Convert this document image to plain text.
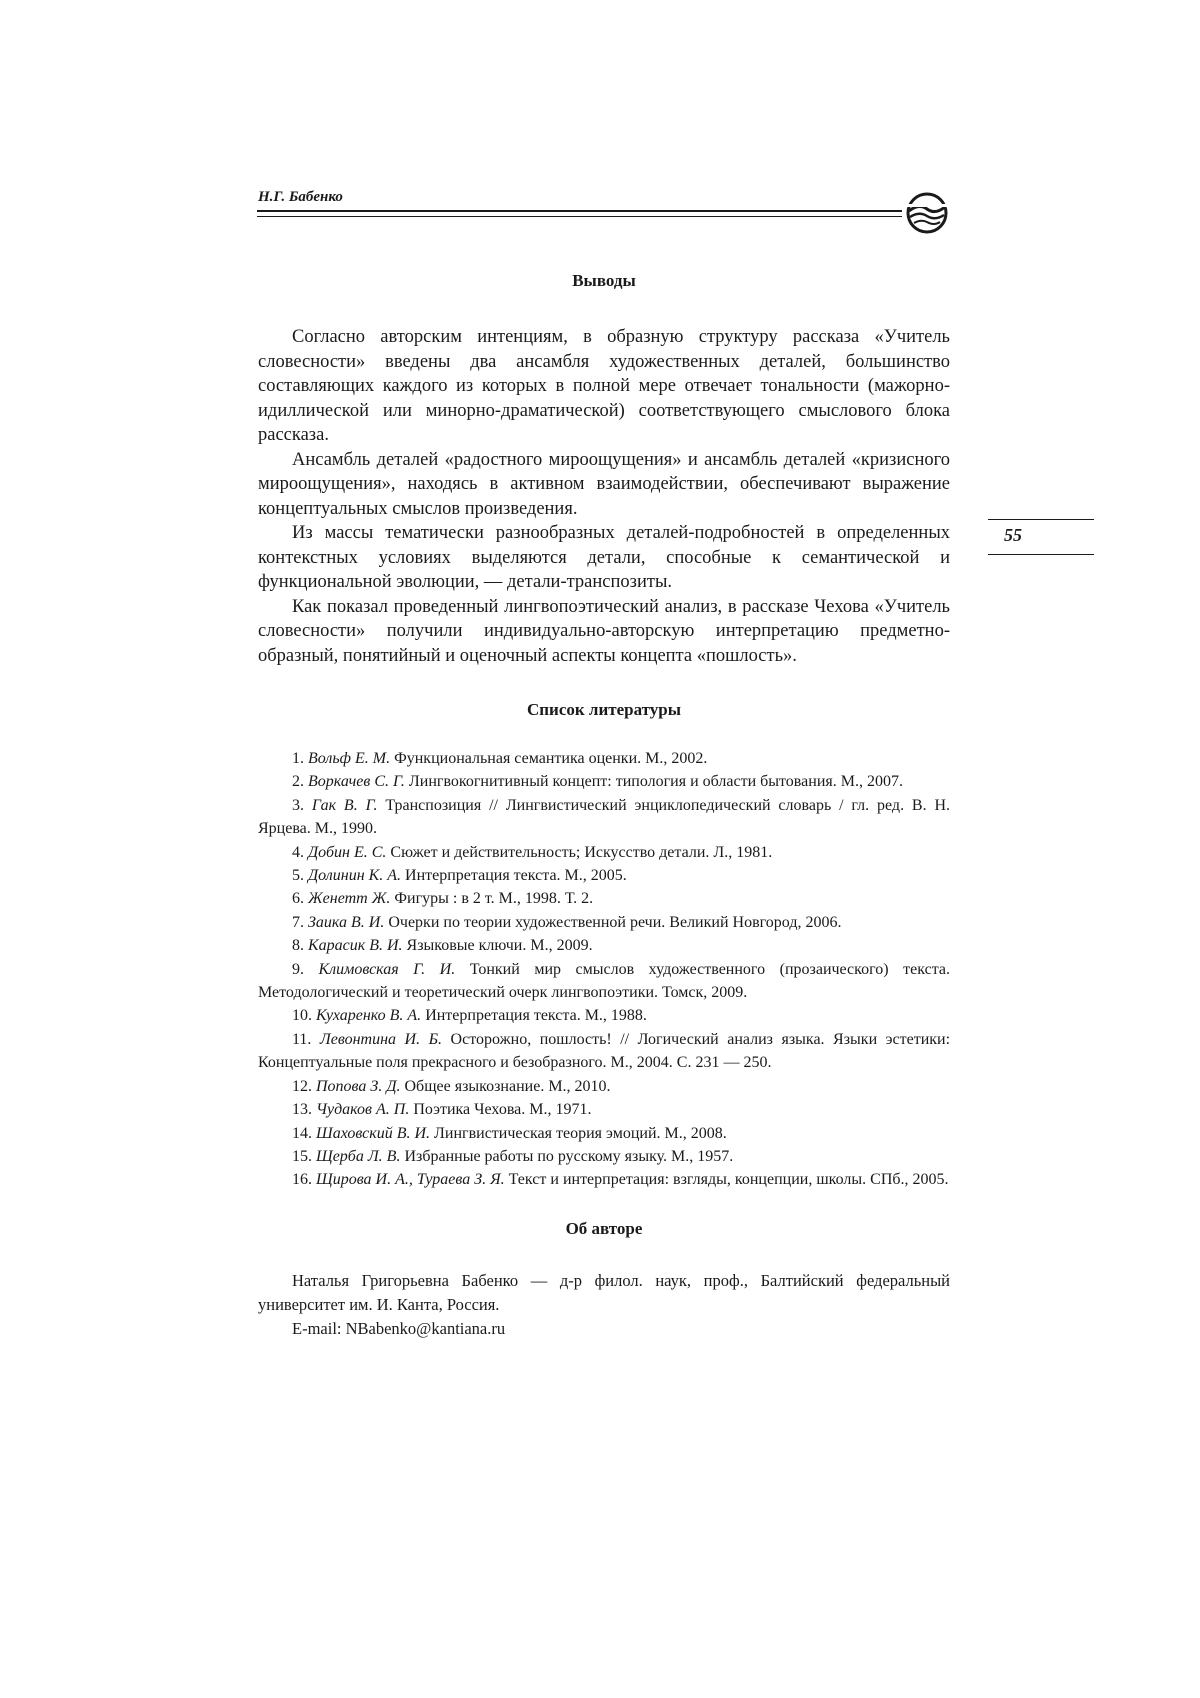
Н.Г. Бабенко
55
Выводы

Согласно авторским интенциям, в образную структуру рассказа «Учитель словесности» введены два ансамбля художественных деталей, большинство составляющих каждого из которых в полной мере отвечает тональности (мажорно-идиллической или минорно-драматической) соответствующего смыслового блока рассказа.

Ансамбль деталей «радостного мироощущения» и ансамбль деталей «кризисного мироощущения», находясь в активном взаимодействии, обеспечивают выражение концептуальных смыслов произведения.

Из массы тематически разнообразных деталей-подробностей в определенных контекстных условиях выделяются детали, способные к семантической и функциональной эволюции, — детали-транспозиты.

Как показал проведенный лингвопоэтический анализ, в рассказе Чехова «Учитель словесности» получили индивидуально-авторскую интерпретацию предметно-образный, понятийный и оценочный аспекты концепта «пошлость».

Список литературы

1. Вольф Е. М. Функциональная семантика оценки. М., 2002.

2. Воркачев С. Г. Лингвокогнитивный концепт: типология и области бытования. М., 2007.

3. Гак В. Г. Транспозиция // Лингвистический энциклопедический словарь / гл. ред. В. Н. Ярцева. М., 1990.

4. Добин Е. С. Сюжет и действительность; Искусство детали. Л., 1981.

5. Долинин К. А. Интерпретация текста. М., 2005.

6. Женетт Ж. Фигуры : в 2 т. М., 1998. Т. 2.

7. Заика В. И. Очерки по теории художественной речи. Великий Новгород, 2006.

8. Карасик В. И. Языковые ключи. М., 2009.

9. Климовская Г. И. Тонкий мир смыслов художественного (прозаического) текста. Методологический и теоретический очерк лингвопоэтики. Томск, 2009.

10. Кухаренко В. А. Интерпретация текста. М., 1988.

11. Левонтина И. Б. Осторожно, пошлость! // Логический анализ языка. Языки эстетики: Концептуальные поля прекрасного и безобразного. М., 2004. С. 231 — 250.

12. Попова З. Д. Общее языкознание. М., 2010.

13. Чудаков А. П. Поэтика Чехова. М., 1971.

14. Шаховский В. И. Лингвистическая теория эмоций. М., 2008.

15. Щерба Л. В. Избранные работы по русскому языку. М., 1957.

16. Щирова И. А., Тураева З. Я. Текст и интерпретация: взгляды, концепции, школы. СПб., 2005.

Об авторе

Наталья Григорьевна Бабенко — д-р филол. наук, проф., Балтийский федеральный университет им. И. Канта, Россия.

E-mail: NBabenko@kantiana.ru
